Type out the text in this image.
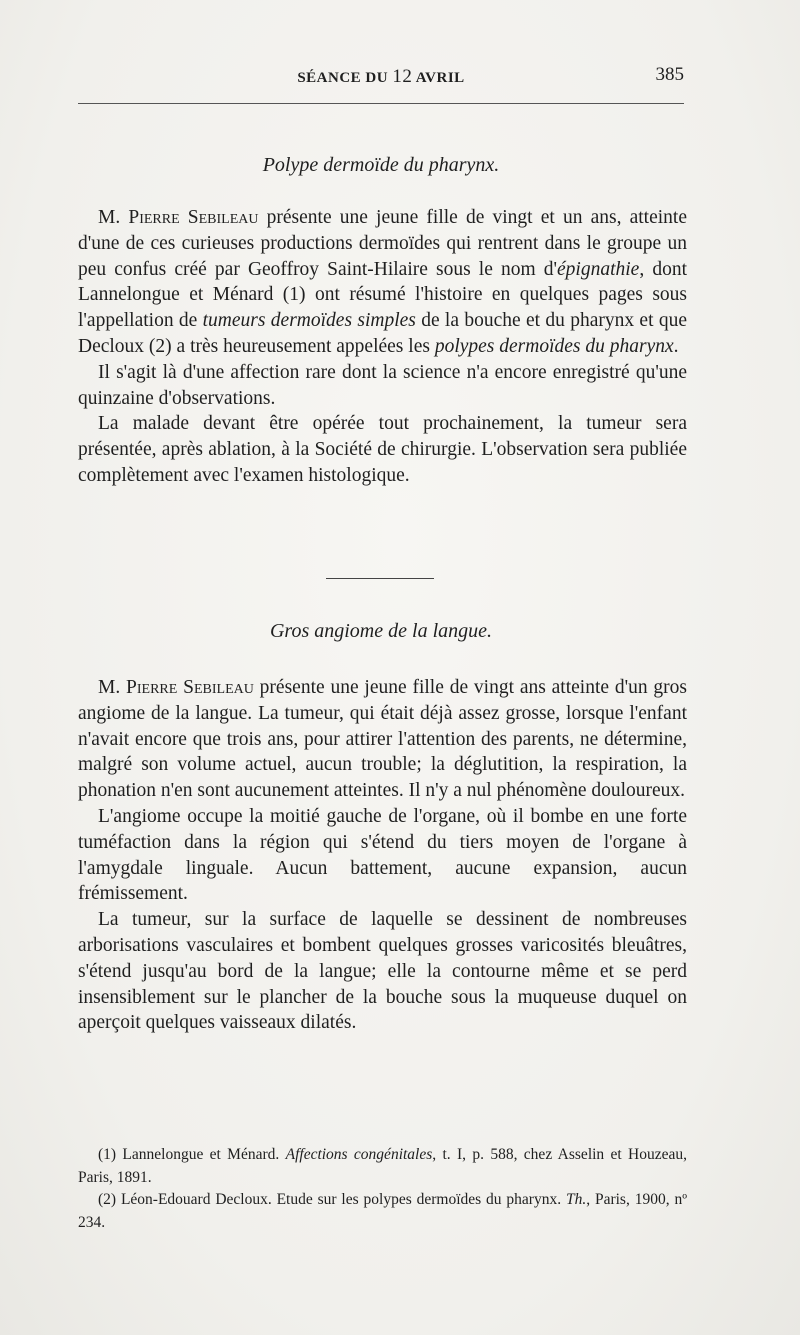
SÉANCE DU 12 AVRIL	385
Polype dermoïde du pharynx.

M. Pierre Sebileau présente une jeune fille de vingt et un ans, atteinte d'une de ces curieuses productions dermoïdes qui rentrent dans le groupe un peu confus créé par Geoffroy Saint-Hilaire sous le nom d'épignathie, dont Lannelongue et Ménard (1) ont résumé l'histoire en quelques pages sous l'appellation de tumeurs dermoïdes simples de la bouche et du pharynx et que Decloux (2) a très heureusement appelées les polypes dermoïdes du pharynx.

Il s'agit là d'une affection rare dont la science n'a encore enregistré qu'une quinzaine d'observations.

La malade devant être opérée tout prochainement, la tumeur sera présentée, après ablation, à la Société de chirurgie. L'observation sera publiée complètement avec l'examen histologique.

Gros angiome de la langue.

M. Pierre Sebileau présente une jeune fille de vingt ans atteinte d'un gros angiome de la langue. La tumeur, qui était déjà assez grosse, lorsque l'enfant n'avait encore que trois ans, pour attirer l'attention des parents, ne détermine, malgré son volume actuel, aucun trouble; la déglutition, la respiration, la phonation n'en sont aucunement atteintes. Il n'y a nul phénomène douloureux.

L'angiome occupe la moitié gauche de l'organe, où il bombe en une forte tuméfaction dans la région qui s'étend du tiers moyen de l'organe à l'amygdale linguale. Aucun battement, aucune expansion, aucun frémissement.

La tumeur, sur la surface de laquelle se dessinent de nombreuses arborisations vasculaires et bombent quelques grosses varicosités bleuâtres, s'étend jusqu'au bord de la langue; elle la contourne même et se perd insensiblement sur le plancher de la bouche sous la muqueuse duquel on aperçoit quelques vaisseaux dilatés.

(1) Lannelongue et Ménard. Affections congénitales, t. I, p. 588, chez Asselin et Houzeau, Paris, 1891.

(2) Léon-Edouard Decloux. Etude sur les polypes dermoïdes du pharynx. Th., Paris, 1900, nº 234.
